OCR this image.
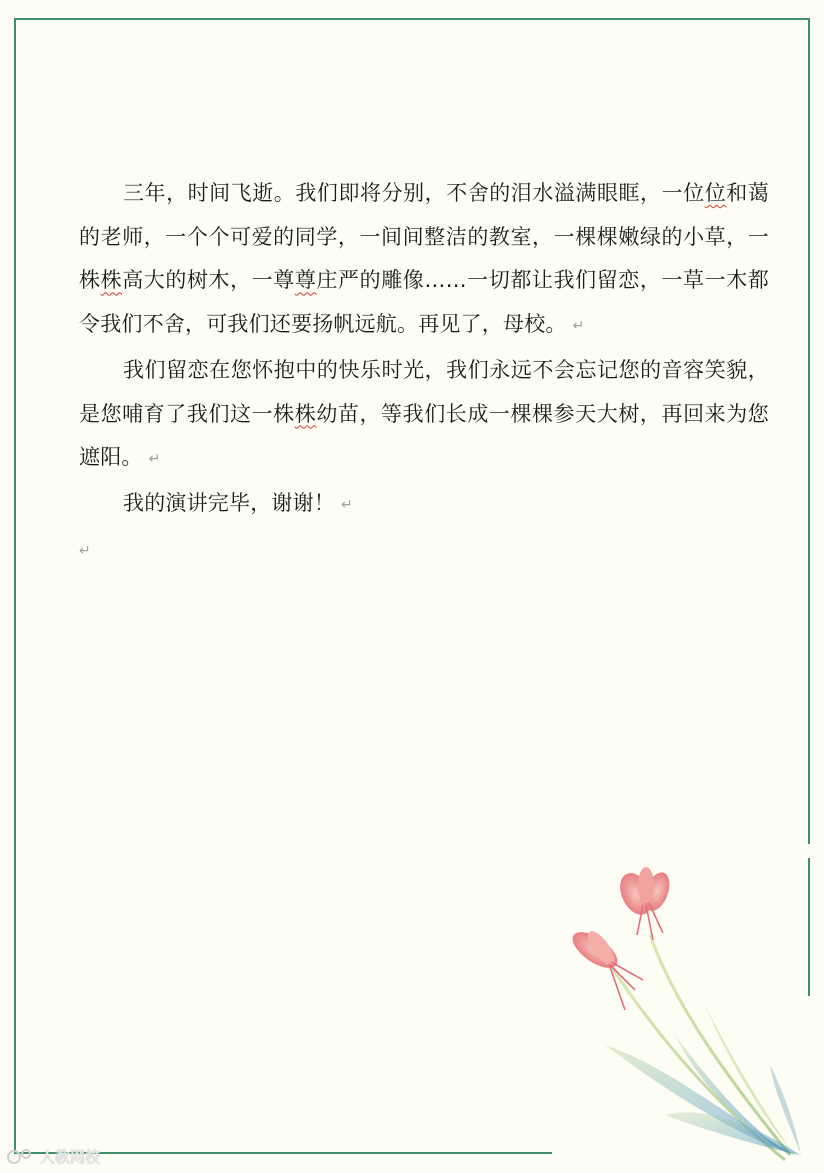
三年，时间飞逝。我们即将分别，不舍的泪水溢满眼眶，一位位和蔼的老师，一个个可爱的同学，一间间整洁的教室，一棵棵嫩绿的小草，一株株高大的树木，一尊尊庄严的雕像……一切都让我们留恋，一草一木都令我们不舍，可我们还要扬帆远航。再见了，母校。 ↵

我们留恋在您怀抱中的快乐时光，我们永远不会忘记您的音容笑貌，是您哺育了我们这一株株幼苗，等我们长成一棵棵参天大树，再回来为您遮阳。 ↵

我的演讲完毕，谢谢！ ↵

↵

人教网校
